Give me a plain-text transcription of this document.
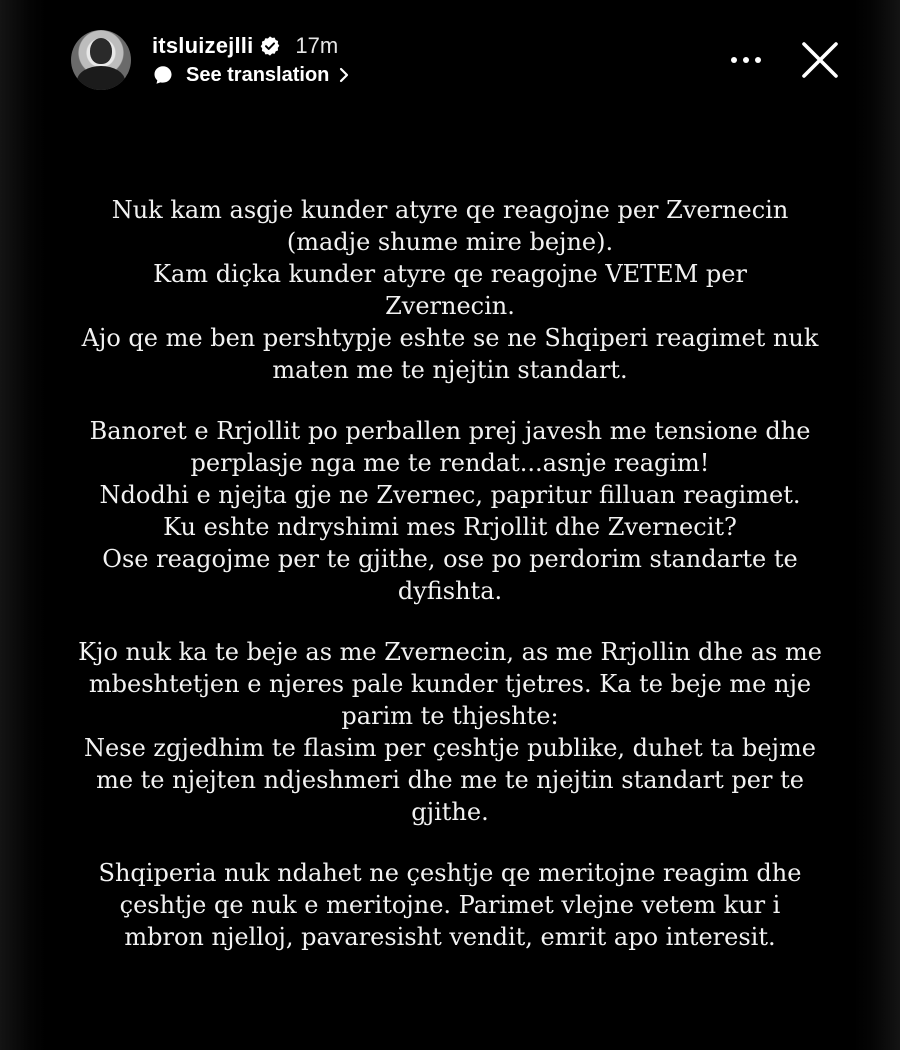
itsluizejlli 17m
See translation
Nuk kam asgje kunder atyre qe reagojne per Zvernecin
(madje shume mire bejne).
Kam diçka kunder atyre qe reagojne VETEM per
Zvernecin.
Ajo qe me ben pershtypje eshte se ne Shqiperi reagimet nuk
maten me te njejtin standart.
Banoret e Rrjollit po perballen prej javesh me tensione dhe
perplasje nga me te rendat...asnje reagim!
Ndodhi e njejta gje ne Zvernec, papritur filluan reagimet.
Ku eshte ndryshimi mes Rrjollit dhe Zvernecit?
Ose reagojme per te gjithe, ose po perdorim standarte te
dyfishta.
Kjo nuk ka te beje as me Zvernecin, as me Rrjollin dhe as me
mbeshtetjen e njeres pale kunder tjetres. Ka te beje me nje
parim te thjeshte:
Nese zgjedhim te flasim per çeshtje publike, duhet ta bejme
me te njejten ndjeshmeri dhe me te njejtin standart per te
gjithe.
Shqiperia nuk ndahet ne çeshtje qe meritojne reagim dhe
çeshtje qe nuk e meritojne. Parimet vlejne vetem kur i
mbron njelloj, pavaresisht vendit, emrit apo interesit.
